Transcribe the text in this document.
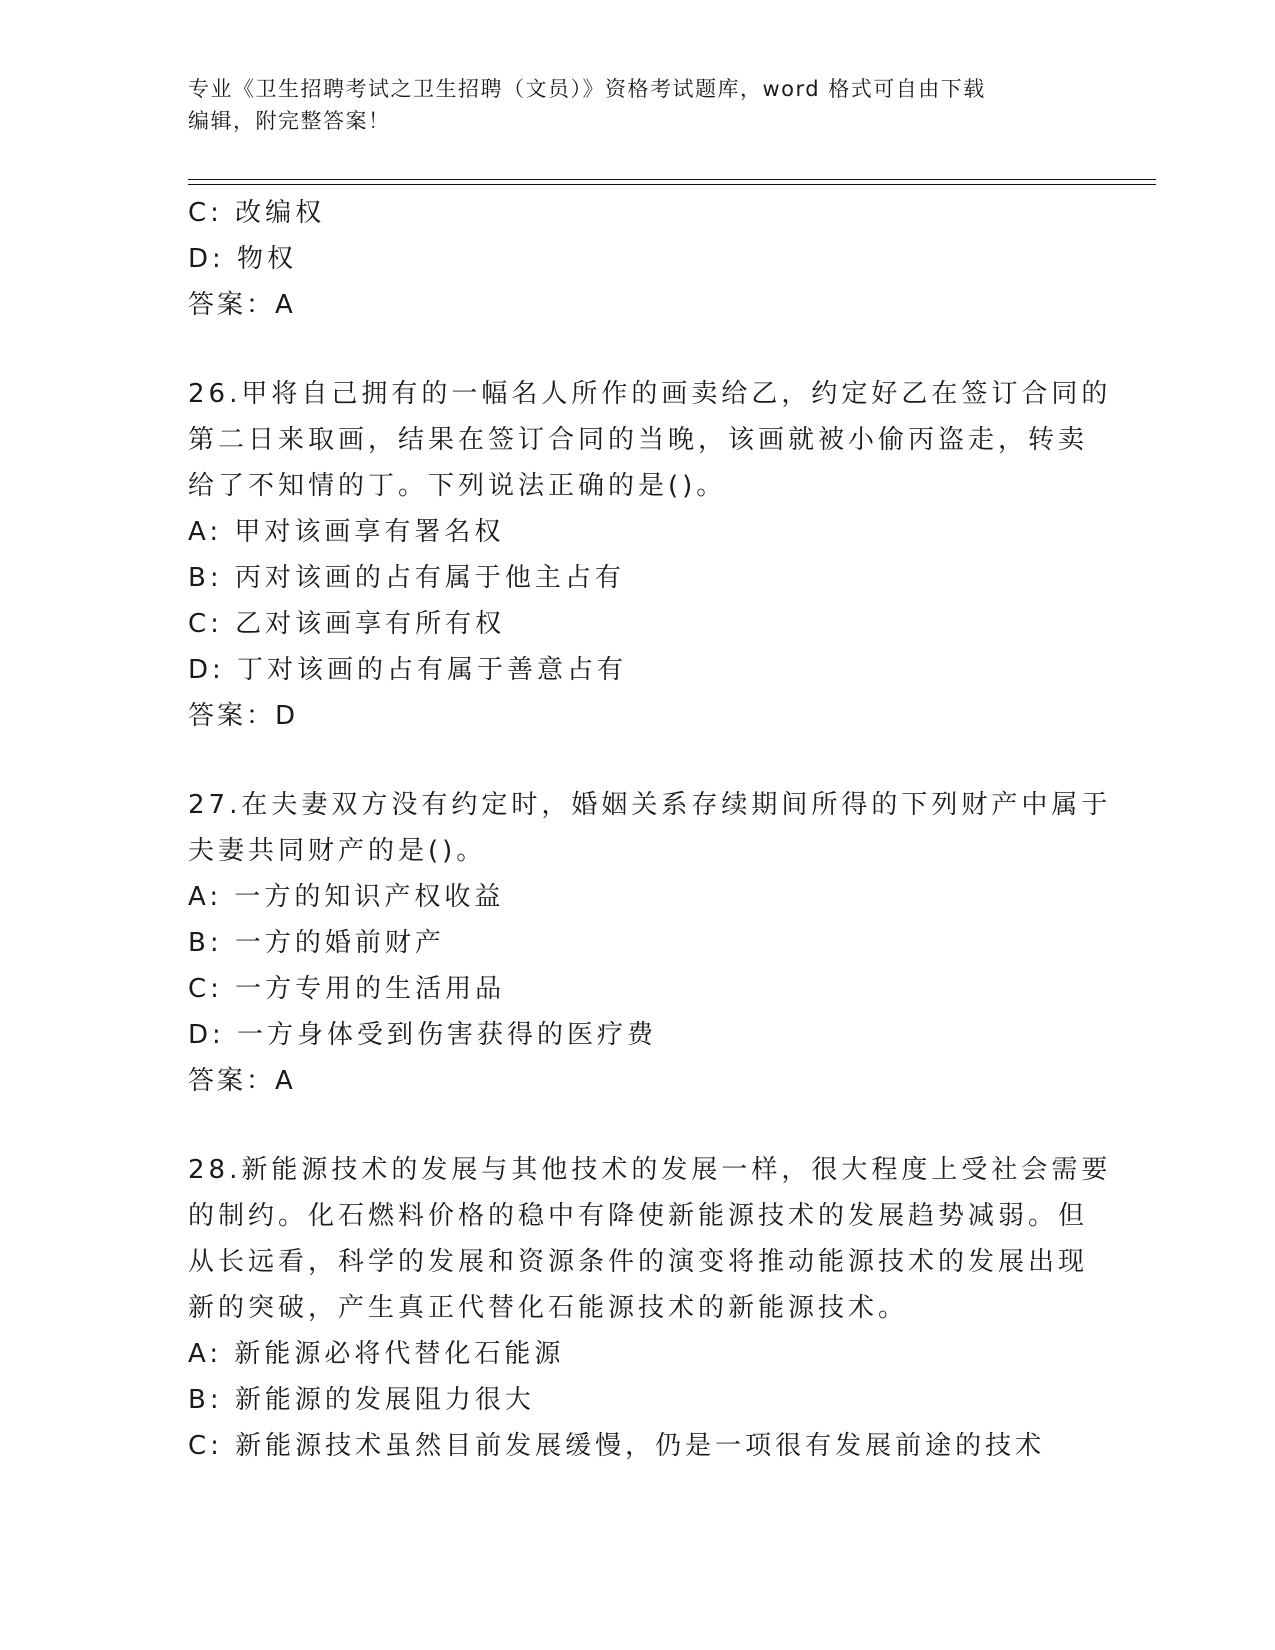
专业《卫生招聘考试之卫生招聘（文员）》资格考试题库，word 格式可自由下载
编辑，附完整答案！
C: 改编权
D: 物权
答案：A
26.甲将自己拥有的一幅名人所作的画卖给乙，约定好乙在签订合同的
第二日来取画，结果在签订合同的当晚，该画就被小偷丙盗走，转卖
给了不知情的丁。下列说法正确的是()。
A: 甲对该画享有署名权
B: 丙对该画的占有属于他主占有
C: 乙对该画享有所有权
D: 丁对该画的占有属于善意占有
答案：D
27.在夫妻双方没有约定时，婚姻关系存续期间所得的下列财产中属于
夫妻共同财产的是()。
A: 一方的知识产权收益
B: 一方的婚前财产
C: 一方专用的生活用品
D: 一方身体受到伤害获得的医疗费
答案：A
28.新能源技术的发展与其他技术的发展一样，很大程度上受社会需要
的制约。化石燃料价格的稳中有降使新能源技术的发展趋势减弱。但
从长远看，科学的发展和资源条件的演变将推动能源技术的发展出现
新的突破，产生真正代替化石能源技术的新能源技术。
A: 新能源必将代替化石能源
B: 新能源的发展阻力很大
C: 新能源技术虽然目前发展缓慢，仍是一项很有发展前途的技术
